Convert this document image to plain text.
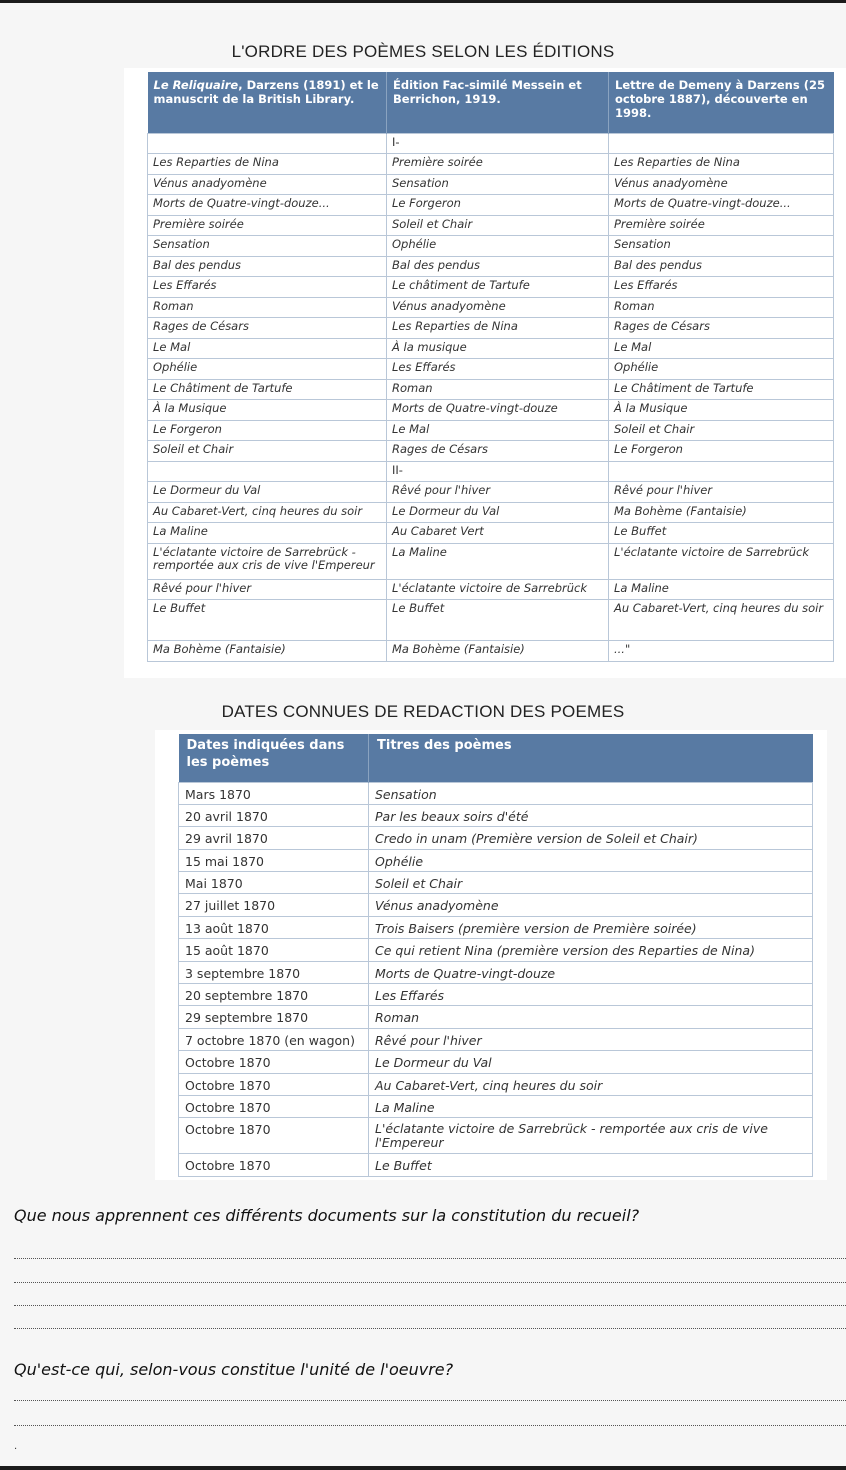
L'ORDRE DES POÈMES SELON LES ÉDITIONS
Le Reliquaire, Darzens (1891) et le manuscrit de la British Library.	Édition Fac-similé Messein et Berrichon, 1919.	Lettre de Demeny à Darzens (25 octobre 1887), découverte en 1998.
	I-	
Les Reparties de Nina	Première soirée	Les Reparties de Nina
Vénus anadyomène	Sensation	Vénus anadyomène
Morts de Quatre-vingt-douze...	Le Forgeron	Morts de Quatre-vingt-douze...
Première soirée	Soleil et Chair	Première soirée
Sensation	Ophélie	Sensation
Bal des pendus	Bal des pendus	Bal des pendus
Les Effarés	Le châtiment de Tartufe	Les Effarés
Roman	Vénus anadyomène	Roman
Rages de Césars	Les Reparties de Nina	Rages de Césars
Le Mal	À la musique	Le Mal
Ophélie	Les Effarés	Ophélie
Le Châtiment de Tartufe	Roman	Le Châtiment de Tartufe
À la Musique	Morts de Quatre-vingt-douze	À la Musique
Le Forgeron	Le Mal	Soleil et Chair
Soleil et Chair	Rages de Césars	Le Forgeron
	II-	
Le Dormeur du Val	Rêvé pour l'hiver	Rêvé pour l'hiver
Au Cabaret-Vert, cinq heures du soir	Le Dormeur du Val	Ma Bohème (Fantaisie)
La Maline	Au Cabaret Vert	Le Buffet
L'éclatante victoire de Sarrebrück - remportée aux cris de vive l'Empereur	La Maline	L'éclatante victoire de Sarrebrück
Rêvé pour l'hiver	L'éclatante victoire de Sarrebrück	La Maline
Le Buffet	Le Buffet	Au Cabaret-Vert, cinq heures du soir
Ma Bohème (Fantaisie)	Ma Bohème (Fantaisie)	..."
DATES CONNUES DE REDACTION DES POEMES
Dates indiquées dans les poèmes	Titres des poèmes
Mars 1870	Sensation
20 avril 1870	Par les beaux soirs d'été
29 avril 1870	Credo in unam (Première version de Soleil et Chair)
15 mai 1870	Ophélie
Mai 1870	Soleil et Chair
27 juillet 1870	Vénus anadyomène
13 août 1870	Trois Baisers (première version de Première soirée)
15 août 1870	Ce qui retient Nina (première version des Reparties de Nina)
3 septembre 1870	Morts de Quatre-vingt-douze
20 septembre 1870	Les Effarés
29 septembre 1870	Roman
7 octobre 1870 (en wagon)	Rêvé pour l'hiver
Octobre 1870	Le Dormeur du Val
Octobre 1870	Au Cabaret-Vert, cinq heures du soir
Octobre 1870	La Maline
Octobre 1870	L'éclatante victoire de Sarrebrück - remportée aux cris de vive l'Empereur
Octobre 1870	Le Buffet
Que nous apprennent ces différents documents sur la constitution du recueil?
Qu'est-ce qui, selon-vous constitue l'unité de l'oeuvre?
.
